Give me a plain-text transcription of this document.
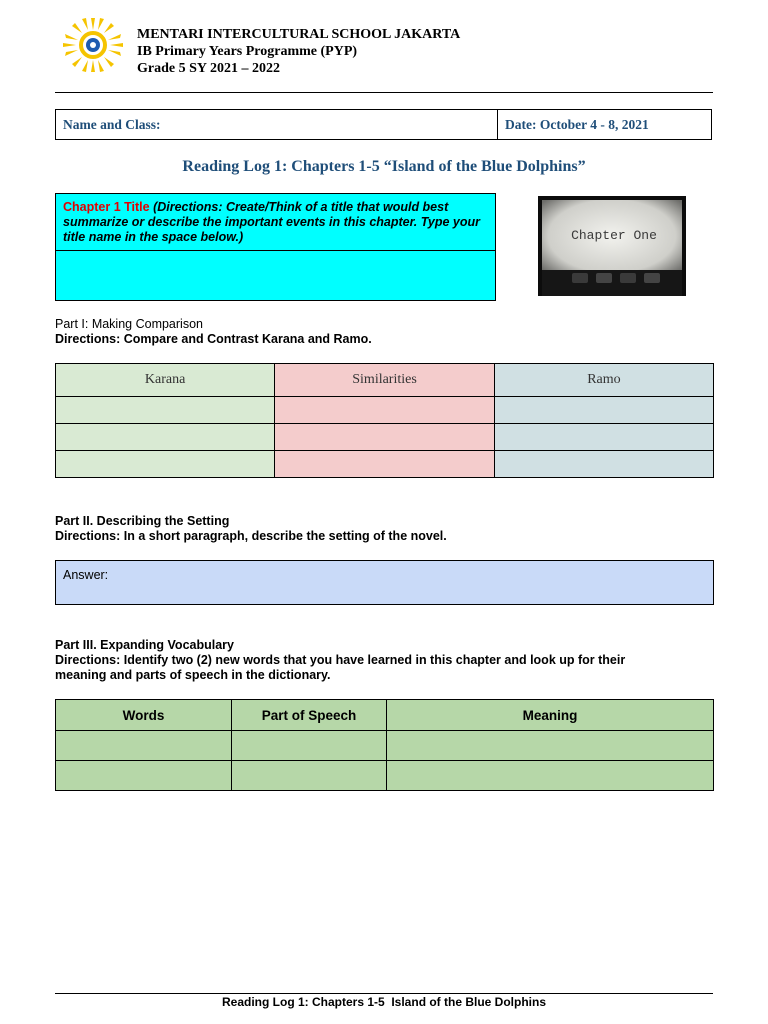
MENTARI INTERCULTURAL SCHOOL JAKARTA
IB Primary Years Programme (PYP)
Grade 5 SY 2021 – 2022
Name and Class:	Date: October 4 - 8, 2021
Reading Log 1: Chapters 1-5 “Island of the Blue Dolphins”
Chapter 1 Title (Directions: Create/Think of a title that would best summarize or describe the important events in this chapter. Type your title name in the space below.)	Chapter One
Part I: Making Comparison
Directions: Compare and Contrast Karana and Ramo.
Karana	Similarities	Ramo

Part II. Describing the Setting
Directions: In a short paragraph, describe the setting of the novel.
Answer:
Part III. Expanding Vocabulary
Directions: Identify two (2) new words that you have learned in this chapter and look up for their
meaning and parts of speech in the dictionary.
Words	Part of Speech	Meaning

Reading Log 1: Chapters 1-5  Island of the Blue Dolphins
